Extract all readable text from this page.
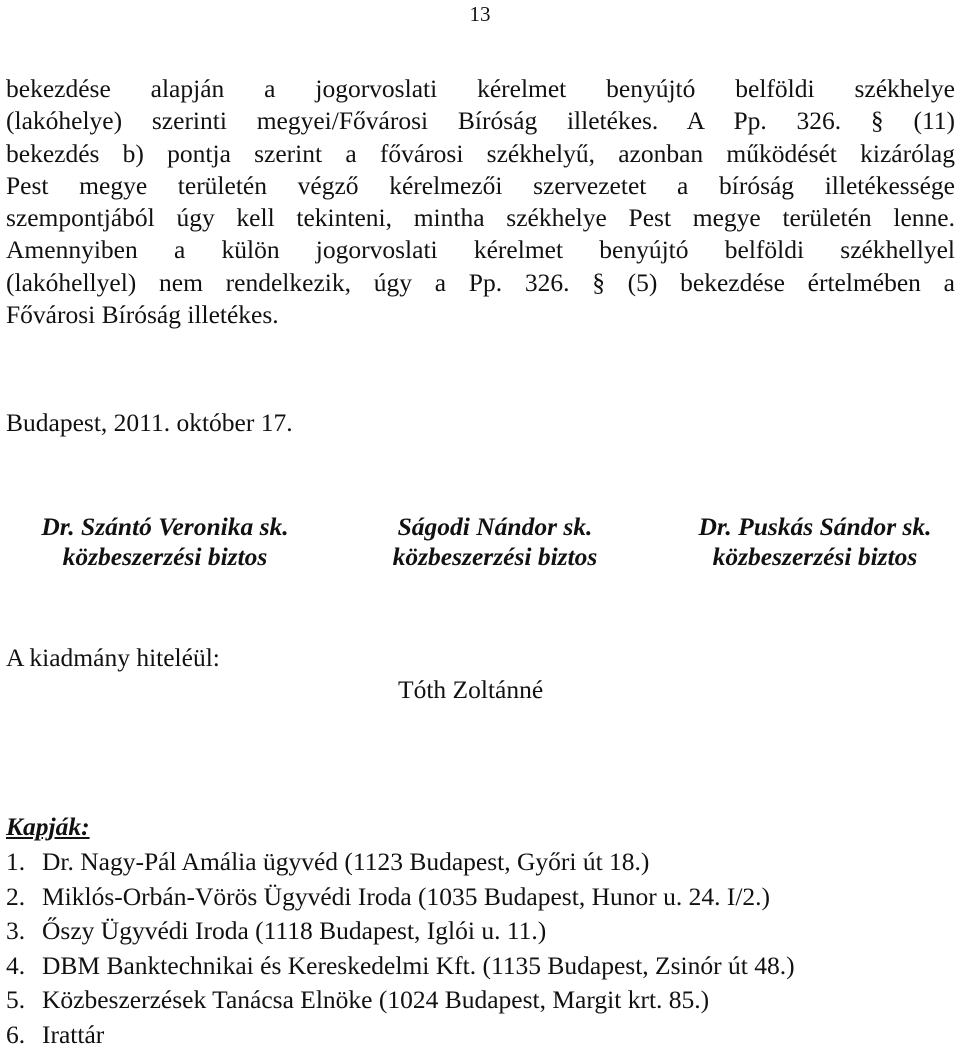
13
bekezdése alapján a jogorvoslati kérelmet benyújtó belföldi székhelye
(lakóhelye) szerinti megyei/Fővárosi Bíróság illetékes. A Pp. 326. § (11)
bekezdés b) pontja szerint a fővárosi székhelyű, azonban működését kizárólag
Pest megye területén végző kérelmezői szervezetet a bíróság illetékessége
szempontjából úgy kell tekinteni, mintha székhelye Pest megye területén lenne.
Amennyiben a külön jogorvoslati kérelmet benyújtó belföldi székhellyel
(lakóhellyel) nem rendelkezik, úgy a Pp. 326. § (5) bekezdése értelmében a
Fővárosi Bíróság illetékes.
Budapest, 2011. október 17.
Dr. Szántó Veronika sk.
közbeszerzési biztos
Ságodi Nándor sk.
közbeszerzési biztos
Dr. Puskás Sándor sk.
közbeszerzési biztos
A kiadmány hiteléül:
Tóth Zoltánné
Kapják:
1. Dr. Nagy-Pál Amália ügyvéd (1123 Budapest, Győri út 18.)
2. Miklós-Orbán-Vörös Ügyvédi Iroda (1035 Budapest, Hunor u. 24. I/2.)
3. Őszy Ügyvédi Iroda (1118 Budapest, Iglói u. 11.)
4. DBM Banktechnikai és Kereskedelmi Kft. (1135 Budapest, Zsinór út 48.)
5. Közbeszerzések Tanácsa Elnöke (1024 Budapest, Margit krt. 85.)
6. Irattár
